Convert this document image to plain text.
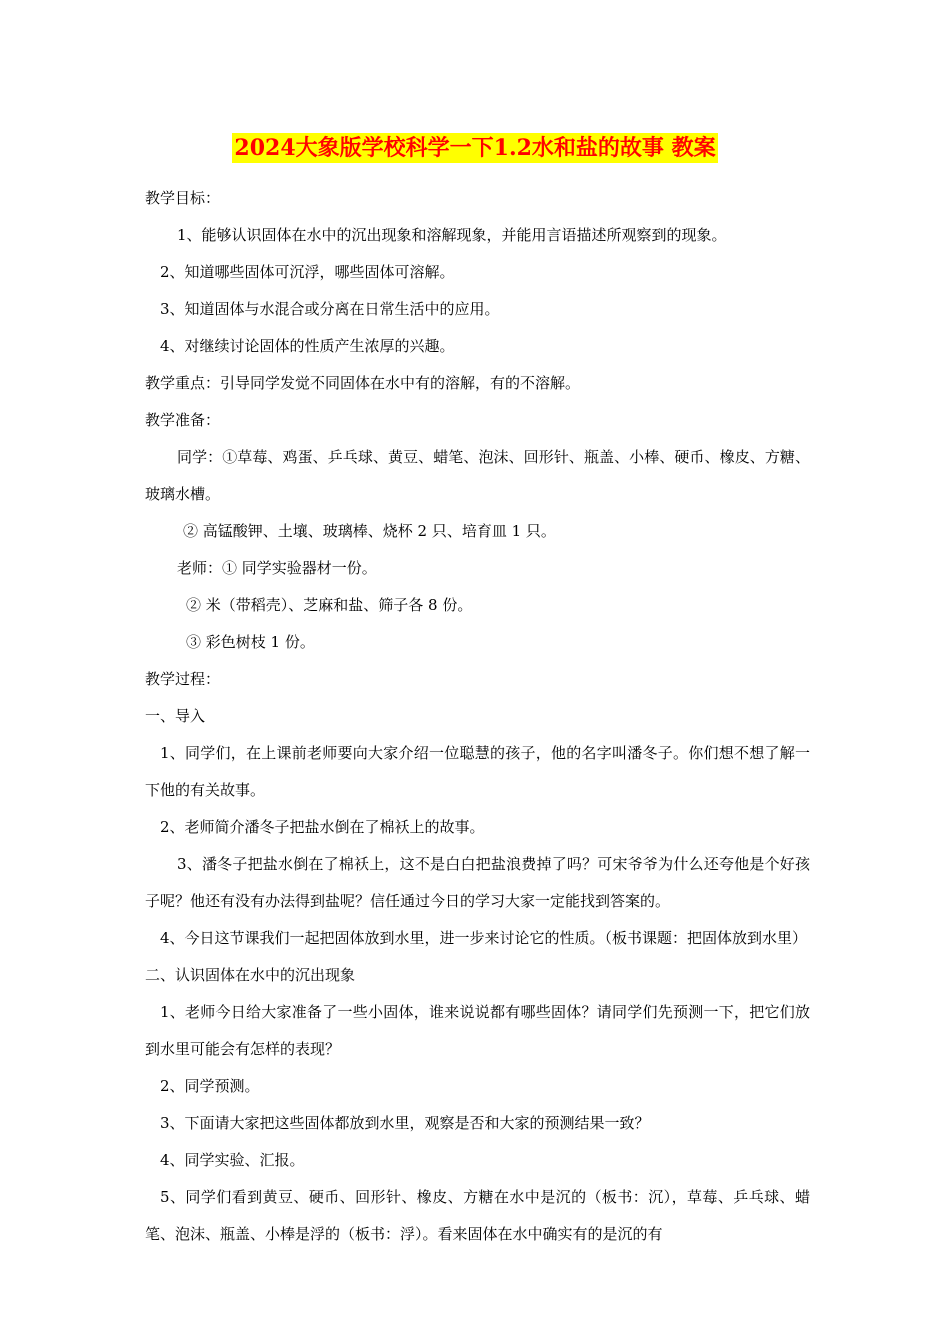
2024大象版学校科学一下1.2水和盐的故事 教案

教学目标：

1、能够认识固体在水中的沉出现象和溶解现象，并能用言语描述所观察到的现象。

2、知道哪些固体可沉浮，哪些固体可溶解。

3、知道固体与水混合或分离在日常生活中的应用。

4、对继续讨论固体的性质产生浓厚的兴趣。

教学重点：引导同学发觉不同固体在水中有的溶解，有的不溶解。

教学准备：

同学：①草莓、鸡蛋、乒乓球、黄豆、蜡笔、泡沫、回形针、瓶盖、小棒、硬币、橡皮、方糖、玻璃水槽。

② 高锰酸钾、土壤、玻璃棒、烧杯 2 只、培育皿 1 只。

老师：① 同学实验器材一份。

② 米（带稻壳）、芝麻和盐、筛子各 8 份。

③ 彩色树枝 1 份。

教学过程：

一、导入

1、同学们，在上课前老师要向大家介绍一位聪慧的孩子，他的名字叫潘冬子。你们想不想了解一下他的有关故事。

2、老师简介潘冬子把盐水倒在了棉袄上的故事。

3、潘冬子把盐水倒在了棉袄上，这不是白白把盐浪费掉了吗？可宋爷爷为什么还夸他是个好孩子呢？他还有没有办法得到盐呢？信任通过今日的学习大家一定能找到答案的。

4、今日这节课我们一起把固体放到水里，进一步来讨论它的性质。（板书课题：把固体放到水里）

二、认识固体在水中的沉出现象

1、老师今日给大家准备了一些小固体，谁来说说都有哪些固体？请同学们先预测一下，把它们放到水里可能会有怎样的表现？

2、同学预测。

3、下面请大家把这些固体都放到水里，观察是否和大家的预测结果一致？

4、同学实验、汇报。

5、同学们看到黄豆、硬币、回形针、橡皮、方糖在水中是沉的（板书：沉），草莓、乒乓球、蜡笔、泡沫、瓶盖、小棒是浮的（板书：浮）。看来固体在水中确实有的是沉的有
